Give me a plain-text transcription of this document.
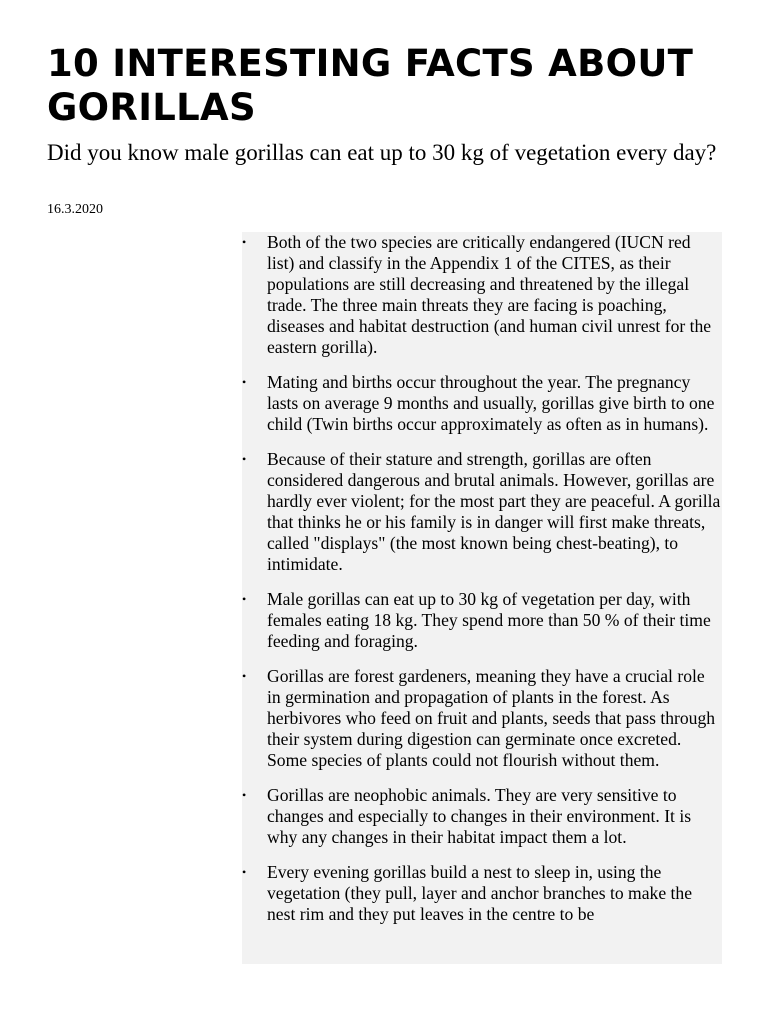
10 INTERESTING FACTS ABOUT GORILLAS

Did you know male gorillas can eat up to 30 kg of vegetation every day?

16.3.2020

•	Both of the two species are critically endangered (IUCN red list) and classify in the Appendix 1 of the CITES, as their populations are still decreasing and threatened by the illegal trade. The three main threats they are facing is poaching, diseases and habitat destruction (and human civil unrest for the eastern gorilla).
•	Mating and births occur throughout the year. The pregnancy lasts on average 9 months and usually, gorillas give birth to one child (Twin births occur approximately as often as in humans).
•	Because of their stature and strength, gorillas are often considered dangerous and brutal animals. However, gorillas are hardly ever violent; for the most part they are peaceful. A gorilla that thinks he or his family is in danger will first make threats, called "displays" (the most known being chest-beating), to intimidate.
•	Male gorillas can eat up to 30 kg of vegetation per day, with females eating 18 kg. They spend more than 50 % of their time feeding and foraging.
•	Gorillas are forest gardeners, meaning they have a crucial role in germination and propagation of plants in the forest. As herbivores who feed on fruit and plants, seeds that pass through their system during digestion can germinate once excreted. Some species of plants could not flourish without them.
•	Gorillas are neophobic animals. They are very sensitive to changes and especially to changes in their environment. It is why any changes in their habitat impact them a lot.
•	Every evening gorillas build a nest to sleep in, using the vegetation (they pull, layer and anchor branches to make the nest rim and they put leaves in the centre to be
